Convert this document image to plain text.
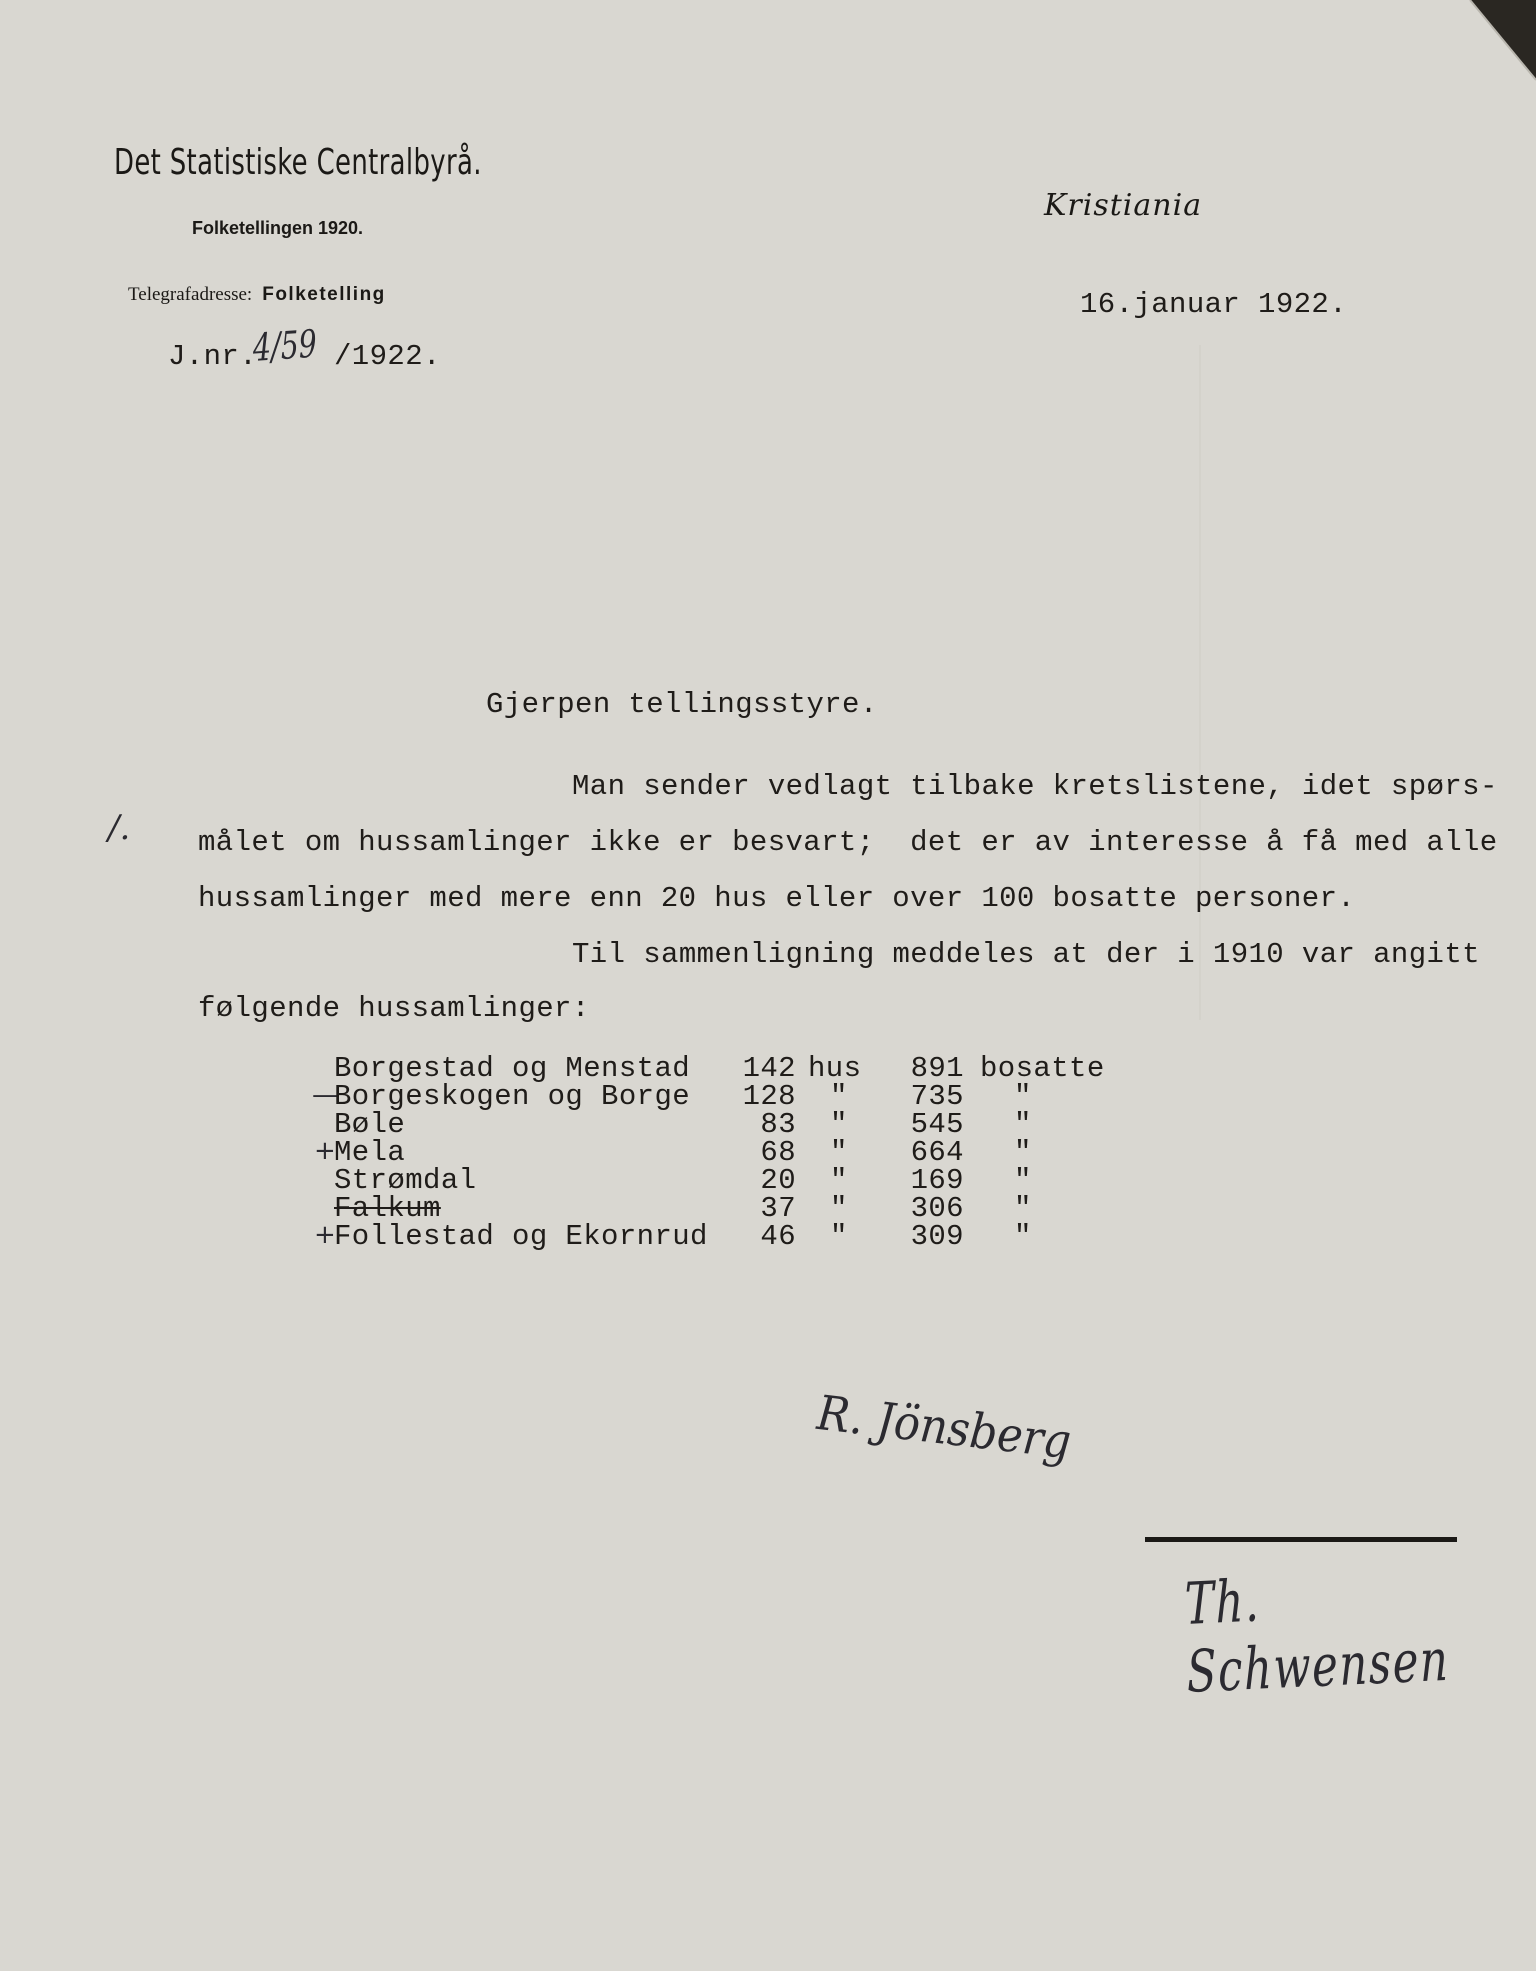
Det Statistiske Centralbyrå.
Folketellingen 1920.
Telegrafadresse: Folketelling
J.nr.
4/59 /1922.
Kristiania
16.januar 1922.
Gjerpen tellingsstyre.
/.
Man sender vedlagt tilbake kretslistene, idet spørs-
målet om hussamlinger ikke er besvart;  det er av interesse å få med alle
hussamlinger med mere enn 20 hus eller over 100 bosatte personer.
Til sammenligning meddeles at der i 1910 var angitt
følgende hussamlinger:
Borgestad og Menstad	142 hus 891 bosatte
—
Borgeskogen og Borge	128 " 735 "
Bøle	83 " 545 "
+
Mela	68 " 664 "
Strømdal	20 " 169 "
Falkum	37 " 306 "
+
Follestad og Ekornrud	46 " 309 "
R. Jönsberg
Th. Schwensen
